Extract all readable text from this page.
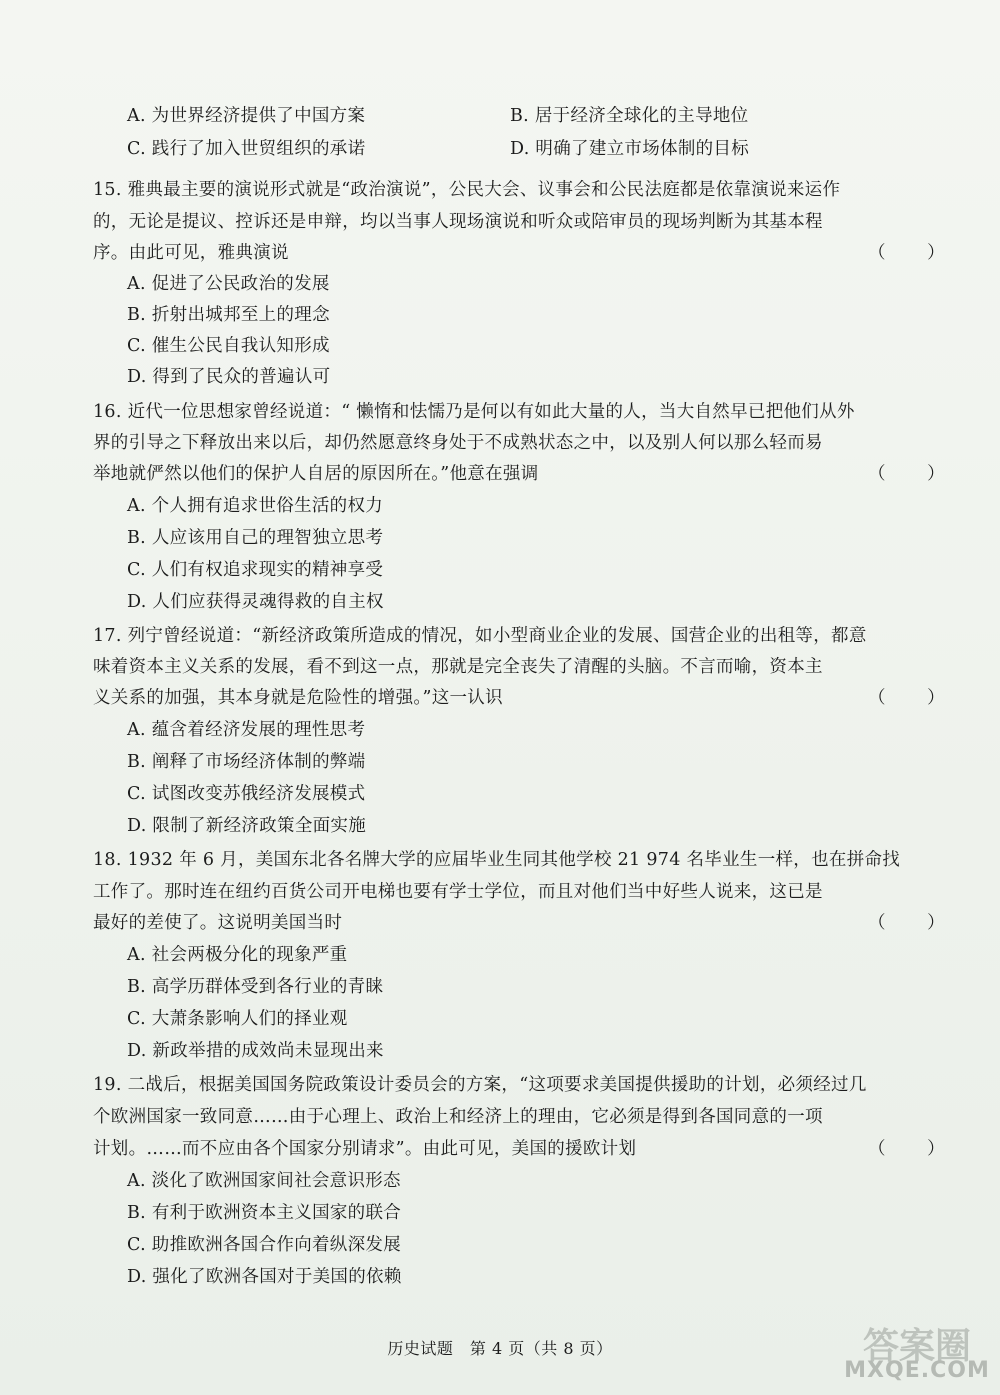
A. 为世界经济提供了中国方案	B. 居于经济全球化的主导地位
C. 践行了加入世贸组织的承诺	D. 明确了建立市场体制的目标
15. 雅典最主要的演说形式就是“政治演说”，公民大会、议事会和公民法庭都是依靠演说来运作
的，无论是提议、控诉还是申辩，均以当事人现场演说和听众或陪审员的现场判断为其基本程
序。由此可见，雅典演说	（ ）
A. 促进了公民政治的发展
B. 折射出城邦至上的理念
C. 催生公民自我认知形成
D. 得到了民众的普遍认可
16. 近代一位思想家曾经说道：“ 懒惰和怯懦乃是何以有如此大量的人，当大自然早已把他们从外
界的引导之下释放出来以后，却仍然愿意终身处于不成熟状态之中，以及别人何以那么轻而易
举地就俨然以他们的保护人自居的原因所在。”他意在强调	（ ）
A. 个人拥有追求世俗生活的权力
B. 人应该用自己的理智独立思考
C. 人们有权追求现实的精神享受
D. 人们应获得灵魂得救的自主权
17. 列宁曾经说道：“新经济政策所造成的情况，如小型商业企业的发展、国营企业的出租等，都意
味着资本主义关系的发展，看不到这一点，那就是完全丧失了清醒的头脑。不言而喻，资本主
义关系的加强，其本身就是危险性的增强。”这一认识	（ ）
A. 蕴含着经济发展的理性思考
B. 阐释了市场经济体制的弊端
C. 试图改变苏俄经济发展模式
D. 限制了新经济政策全面实施
18. 1932 年 6 月，美国东北各名牌大学的应届毕业生同其他学校 21 974 名毕业生一样，也在拼命找
工作了。那时连在纽约百货公司开电梯也要有学士学位，而且对他们当中好些人说来，这已是
最好的差使了。这说明美国当时	（ ）
A. 社会两极分化的现象严重
B. 高学历群体受到各行业的青睐
C. 大萧条影响人们的择业观
D. 新政举措的成效尚未显现出来
19. 二战后，根据美国国务院政策设计委员会的方案，“这项要求美国提供援助的计划，必须经过几
个欧洲国家一致同意……由于心理上、政治上和经济上的理由，它必须是得到各国同意的一项
计划。……而不应由各个国家分别请求”。由此可见，美国的援欧计划	（ ）
A. 淡化了欧洲国家间社会意识形态
B. 有利于欧洲资本主义国家的联合
C. 助推欧洲各国合作向着纵深发展
D. 强化了欧洲各国对于美国的依赖
历史试题　第 4 页（共 8 页）	答案圈
MXQE.COM
